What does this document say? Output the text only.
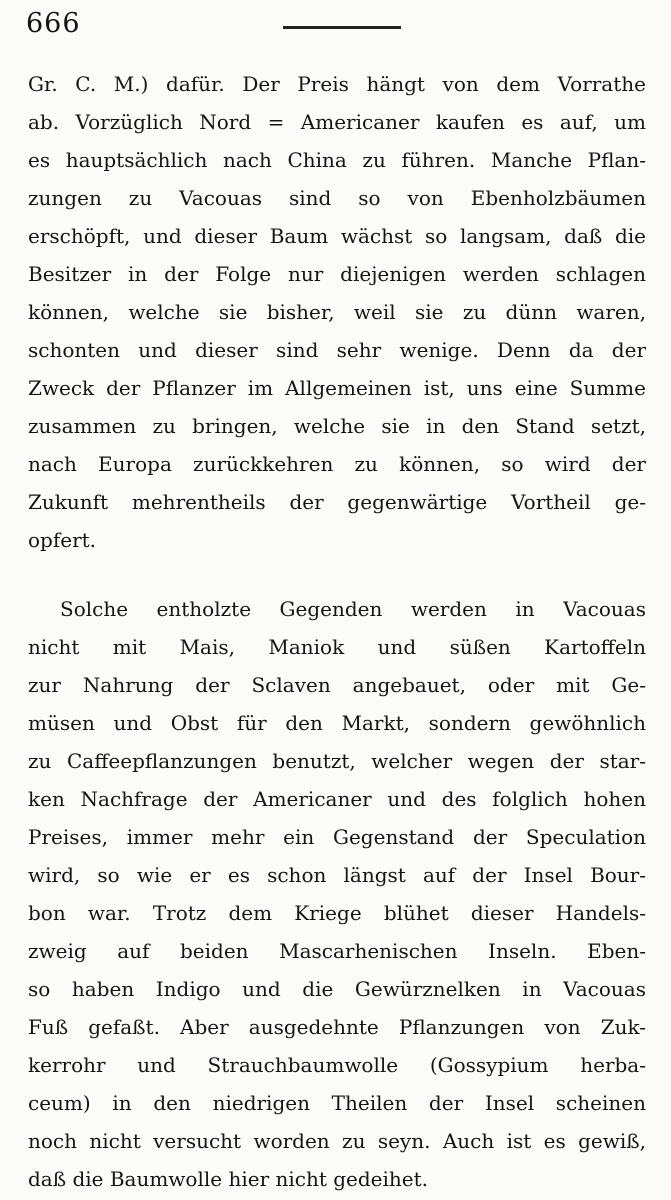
666
Gr. C. M.) dafür. Der Preis hängt von dem Vorrathe
ab. Vorzüglich Nord = Americaner kaufen es auf, um
es hauptsächlich nach China zu führen. Manche Pflan-
zungen zu Vacouas sind so von Ebenholzbäumen
erschöpft, und dieser Baum wächst so langsam, daß die
Besitzer in der Folge nur diejenigen werden schlagen
können, welche sie bisher, weil sie zu dünn waren,
schonten und dieser sind sehr wenige. Denn da der
Zweck der Pflanzer im Allgemeinen ist, uns eine Summe
zusammen zu bringen, welche sie in den Stand setzt,
nach Europa zurückkehren zu können, so wird der
Zukunft mehrentheils der gegenwärtige Vortheil ge-
opfert.
Solche entholzte Gegenden werden in Vacouas
nicht mit Mais, Maniok und süßen Kartoffeln
zur Nahrung der Sclaven angebauet, oder mit Ge-
müsen und Obst für den Markt, sondern gewöhnlich
zu Caffeepflanzungen benutzt, welcher wegen der star-
ken Nachfrage der Americaner und des folglich hohen
Preises, immer mehr ein Gegenstand der Speculation
wird, so wie er es schon längst auf der Insel Bour-
bon war. Trotz dem Kriege blühet dieser Handels-
zweig auf beiden Mascarhenischen Inseln. Eben-
so haben Indigo und die Gewürznelken in Vacouas
Fuß gefaßt. Aber ausgedehnte Pflanzungen von Zuk-
kerrohr und Strauchbaumwolle (Gossypium herba-
ceum) in den niedrigen Theilen der Insel scheinen
noch nicht versucht worden zu seyn. Auch ist es gewiß,
daß die Baumwolle hier nicht gedeihet.
